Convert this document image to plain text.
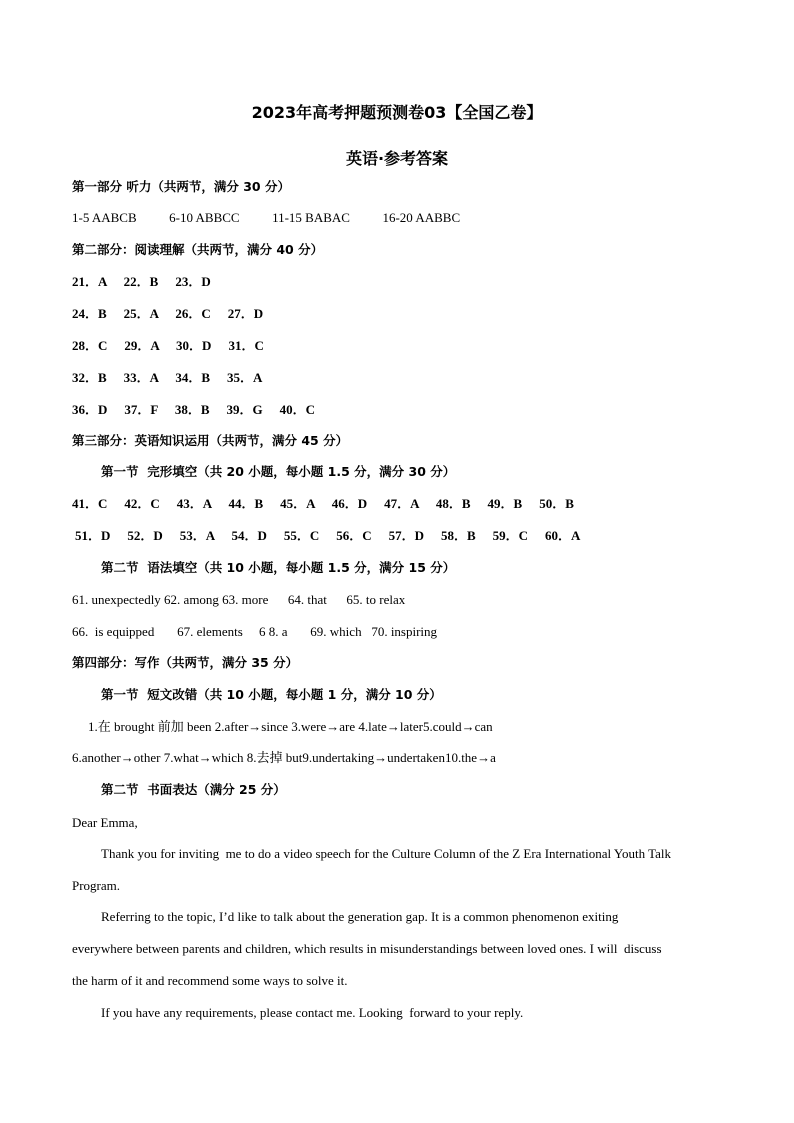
2023年高考押题预测卷03【全国乙卷】
英语·参考答案
第一部分 听力（共两节，满分 30 分）
1-5 AABCB          6-10 ABBCC          11-15 BABAC          16-20 AABBC
第二部分：阅读理解（共两节，满分 40 分）
21．A    22．B    23．D
24．B    25．A    26．C    27．D
28．C    29．A    30．D    31．C
32．B    33．A    34．B    35．A
36．D    37．F    38．B    39．G    40．C
第三部分：英语知识运用（共两节，满分 45 分）
第一节  完形填空（共 20 小题，每小题 1.5 分，满分 30 分）
41．C    42．C    43．A    44．B    45．A    46．D    47．A    48．B    49．B    50．B
51．D    52．D    53．A    54．D    55．C    56．C    57．D    58．B    59．C    60．A
第二节  语法填空（共 10 小题，每小题 1.5 分，满分 15 分）
61. unexpectedly 62. among 63. more      64. that      65. to relax
66.  is equipped       67. elements     6 8. a       69. which   70. inspiring
第四部分：写作（共两节，满分 35 分）
第一节  短文改错（共 10 小题，每小题 1 分，满分 10 分）
1.在 brought 前加 been 2.after→since 3.were→are 4.late→later5.could→can
6.another→other 7.what→which 8.去掉 but9.undertaking→undertaken10.the→a
第二节  书面表达（满分 25 分）
Dear Emma,
Thank you for inviting  me to do a video speech for the Culture Column of the Z Era International Youth Talk
Program.
Referring to the topic, I’d like to talk about the generation gap. It is a common phenomenon exiting
everywhere between parents and children, which results in misunderstandings between loved ones. I will  discuss
the harm of it and recommend some ways to solve it.
If you have any requirements, please contact me. Looking  forward to your reply.
